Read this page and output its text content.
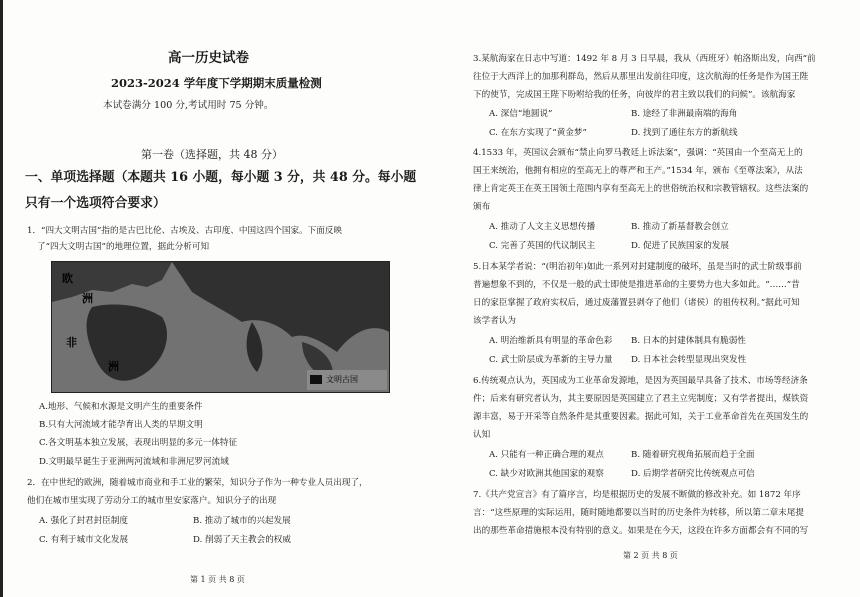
高一历史试卷
2023-2024 学年度下学期期末质量检测
本试卷满分 100 分,考试用时 75 分钟。
第一卷（选择题，共 48 分）
一、单项选择题（本题共 16 小题，每小题 3 分，共 48 分。每小题
只有一个选项符合要求）
1．“四大文明古国”指的是古巴比伦、古埃及、古印度、中国这四个国家。下面反映
了“四大文明古国”的地理位置，据此分析可知
欧
洲
非
洲
文明古国
A.地形、气候和水源是文明产生的重要条件
B.只有大河流域才能孕育出人类的早期文明
C.各文明基本独立发展，表现出明显的多元一体特征
D.文明最早诞生于亚洲两河流域和非洲尼罗河流域
2．在中世纪的欧洲，随着城市商业和手工业的繁荣，知识分子作为一种专业人员出现了，
他们在城市里实现了劳动分工的城市里安家落户。知识分子的出现
A. 强化了封君封臣制度	B. 推动了城市的兴起发展
C. 有利于城市文化发展	D. 削弱了天主教会的权威
第 1 页 共 8 页
3.某航海家在日志中写道：1492 年 8 月 3 日早晨，我从（西班牙）帕洛斯出发，向西“前
往位于大西洋上的加那利群岛，然后从那里出发前往印度，这次航海的任务是作为国王陛
下的使节，完成国王陛下吩咐给我的任务，向彼岸的君主致以我们的问候”。该航海家
A. 深信“地圆说”	B. 途经了非洲最南端的海角
C. 在东方实现了“黄金梦”	D. 找到了通往东方的新航线
4.1533 年，英国议会颁布“禁止向罗马教廷上诉法案”，强调：“英国由一个至高无上的
国王来统治，他拥有相应的至高无上的尊严和王产。”1534 年，颁布《至尊法案》，从法
律上肯定英王在英王国领土范围内享有至高无上的世俗统治权和宗教管辖权。这些法案的
颁布
A. 推动了人文主义思想传播	B. 推动了新基督教会创立
C. 完善了英国的代议制民主	D. 促进了民族国家的发展
5.日本某学者说：“(明治初年)如此一系列对封建制度的破坏，虽是当时的武士阶级事前
普遍想象不到的，不仅是一般的武士即使是推进革命的主要势力也大多如此。“……”昔
日的家臣掌握了政府实权后，通过废藩置县剥夺了他们（诸侯）的祖传权利。”据此可知
该学者认为
A. 明治维新具有明显的革命色彩 B. 日本的封建体制具有脆弱性
C. 武士阶层成为革新的主导力量 D. 日本社会转型显现出突发性
6.传统观点认为，英国成为工业革命发源地，是因为英国最早具备了技术、市场等经济条
件；后来有研究者认为，其主要原因是英国建立了君主立宪制度；又有学者提出，煤铁资
源丰富，易于开采等自然条件是其重要因素。据此可知，关于工业革命首先在英国发生的
认知
A. 只能有一种正确合理的观点	B. 随着研究视角拓展而趋于全面
C. 缺少对欧洲其他国家的观察	D. 后期学者研究比传统观点可信
7.《共产党宣言》有了篇序言，均是根据历史的发展不断做的修改补充。如 1872 年序
言：“这些原理的实际运用，随时随地都要以当时的历史条件为转移，所以第二章末尾提
出的那些革命措施根本没有特别的意义。如果是在今天，这段在许多方面都会有不同的写
第 2 页 共 8 页
